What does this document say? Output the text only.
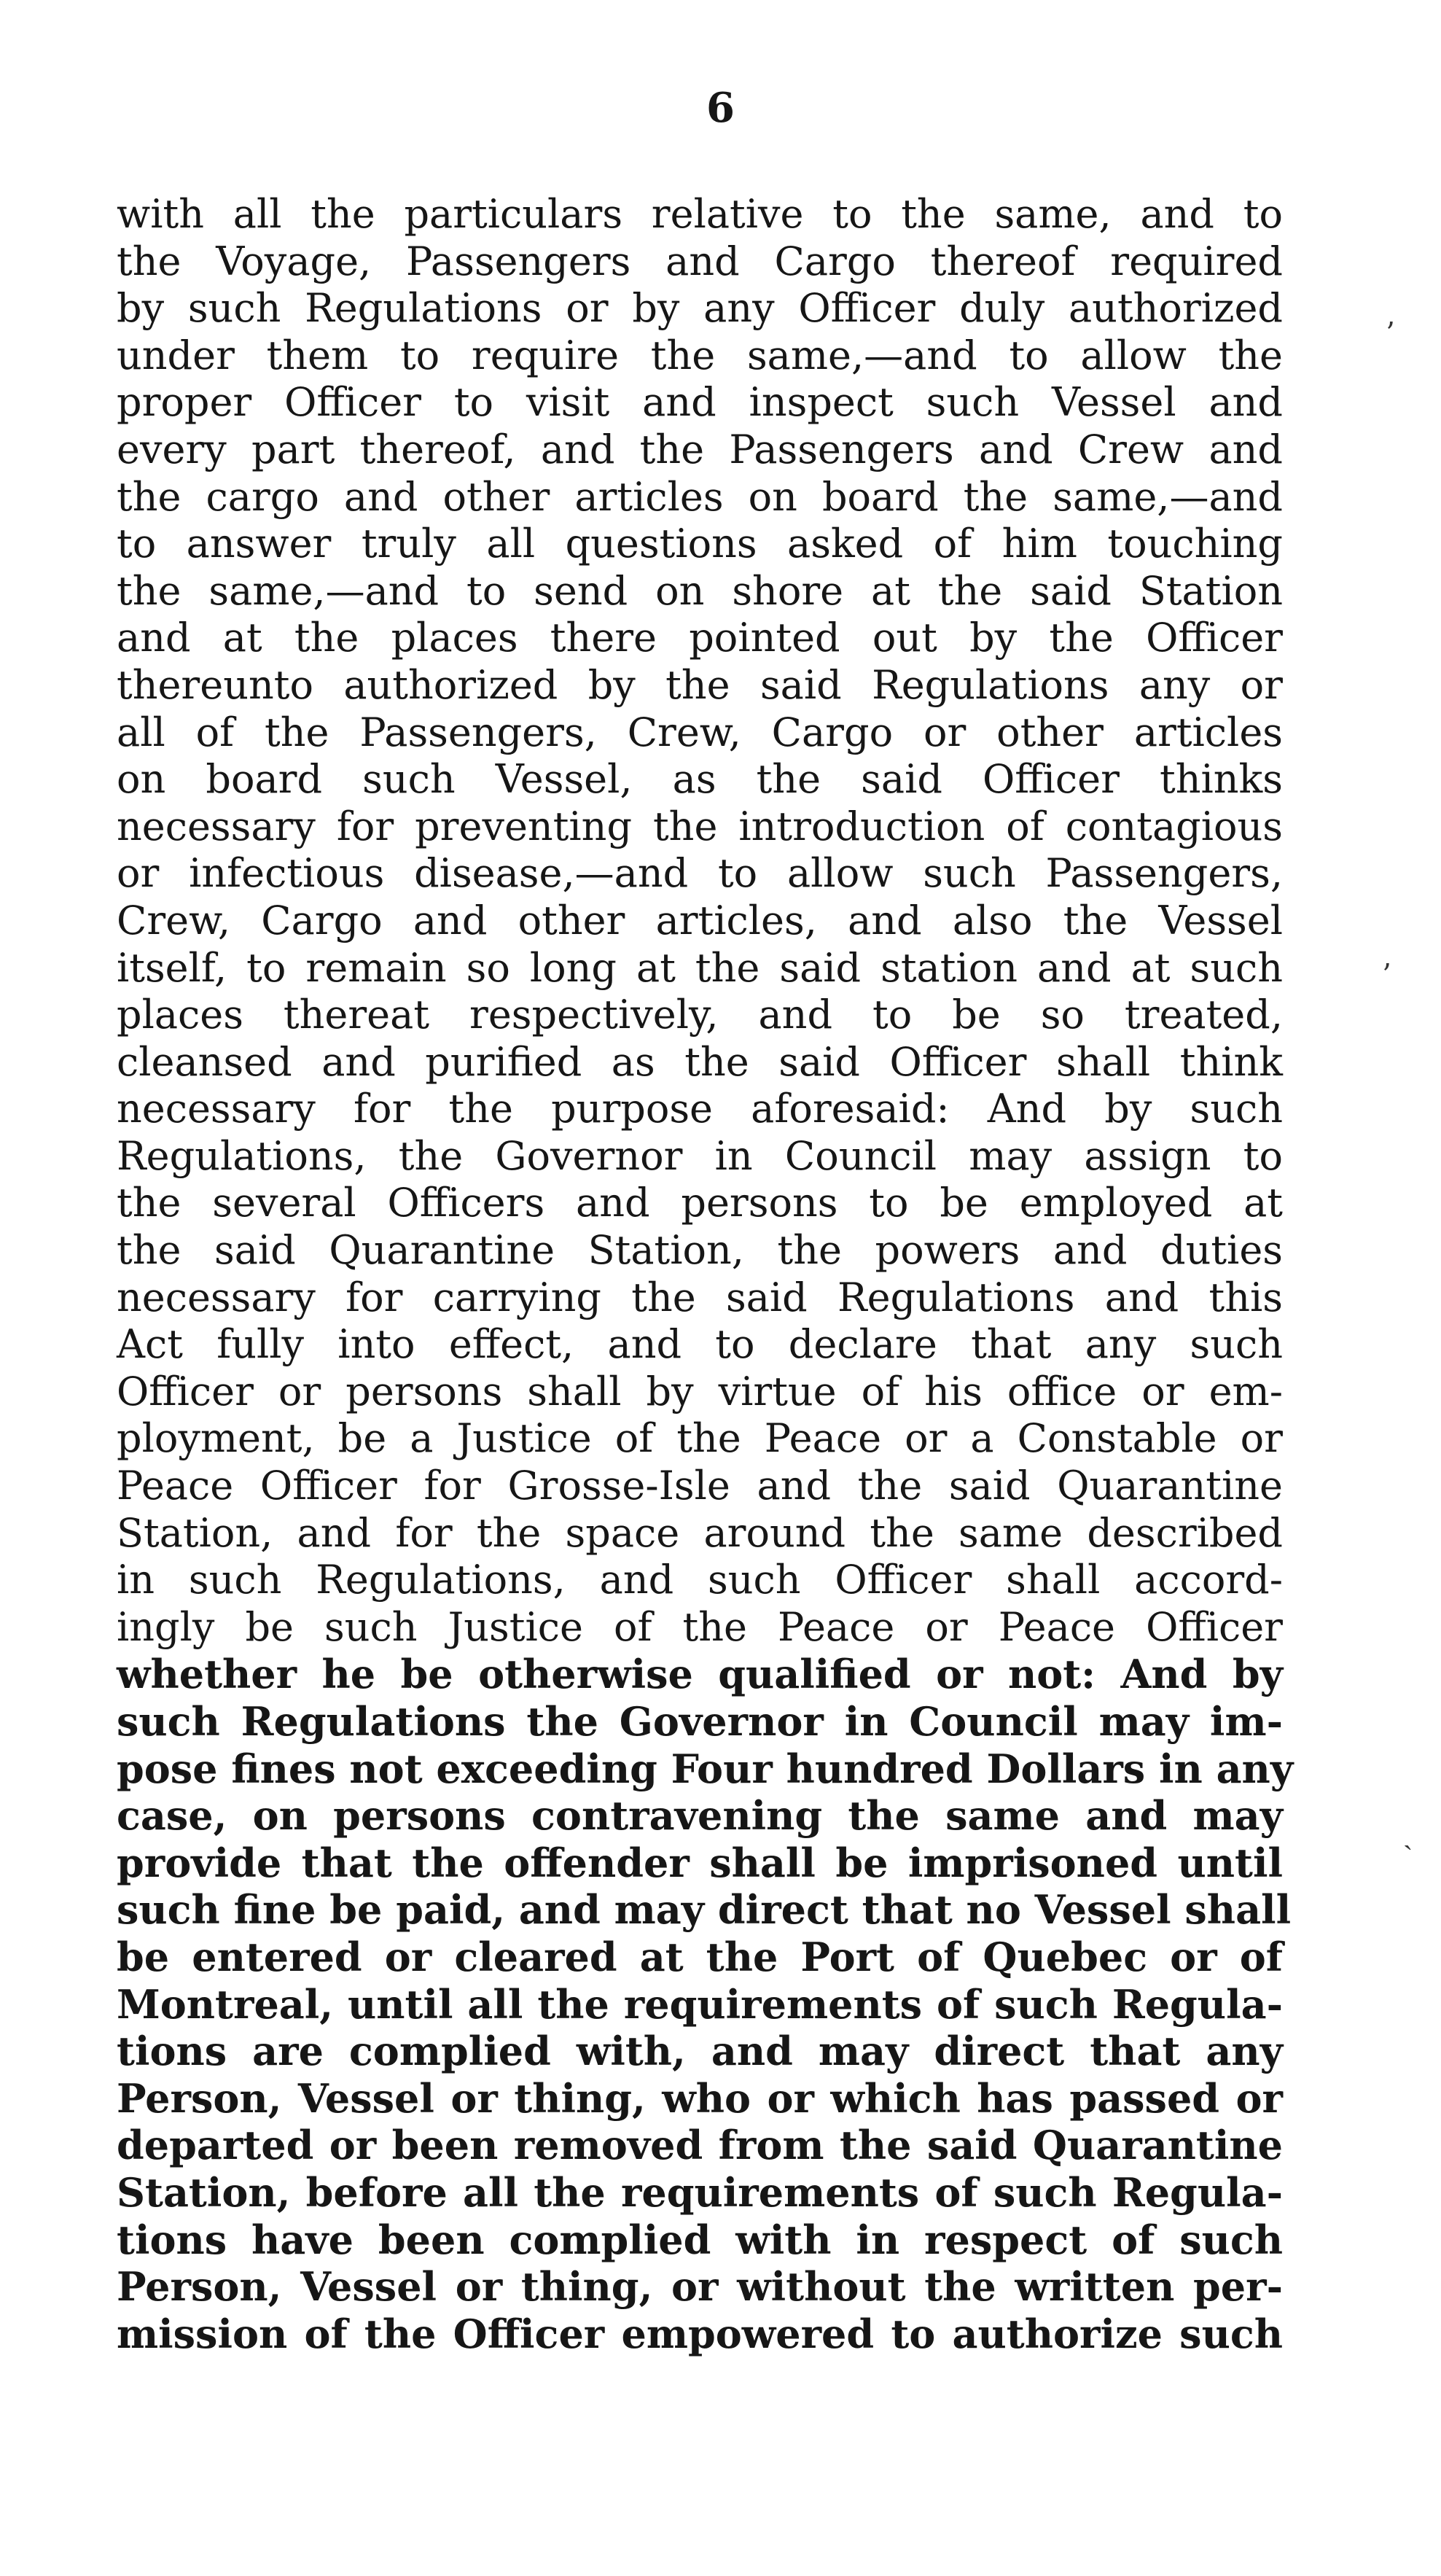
6
with all the particulars relative to the same, and to
the Voyage, Passengers and Cargo thereof required
by such Regulations or by any Officer duly authorized
under them to require the same,—and to allow the
proper Officer to visit and inspect such Vessel and
every part thereof, and the Passengers and Crew and
the cargo and other articles on board the same,—and
to answer truly all questions asked of him touching
the same,—and to send on shore at the said Station
and at the places there pointed out by the Officer
thereunto authorized by the said Regulations any or
all of the Passengers, Crew, Cargo or other articles
on board such Vessel, as the said Officer thinks
necessary for preventing the introduction of contagious
or infectious disease,—and to allow such Passengers,
Crew, Cargo and other articles, and also the Vessel
itself, to remain so long at the said station and at such
places thereat respectively, and to be so treated,
cleansed and purified as the said Officer shall think
necessary for the purpose aforesaid: And by such
Regulations, the Governor in Council may assign to
the several Officers and persons to be employed at
the said Quarantine Station, the powers and duties
necessary for carrying the said Regulations and this
Act fully into effect, and to declare that any such
Officer or persons shall by virtue of his office or em-
ployment, be a Justice of the Peace or a Constable or
Peace Officer for Grosse-Isle and the said Quarantine
Station, and for the space around the same described
in such Regulations, and such Officer shall accord-
ingly be such Justice of the Peace or Peace Officer
whether he be otherwise qualified or not: And by
such Regulations the Governor in Council may im-
pose fines not exceeding Four hundred Dollars in any
case, on persons contravening the same and may
provide that the offender shall be imprisoned until
such fine be paid, and may direct that no Vessel shall
be entered or cleared at the Port of Quebec or of
Montreal, until all the requirements of such Regula-
tions are complied with, and may direct that any
Person, Vessel or thing, who or which has passed or
departed or been removed from the said Quarantine
Station, before all the requirements of such Regula-
tions have been complied with in respect of such
Person, Vessel or thing, or without the written per-
mission of the Officer empowered to authorize such
ʼ
ʼ
˴
